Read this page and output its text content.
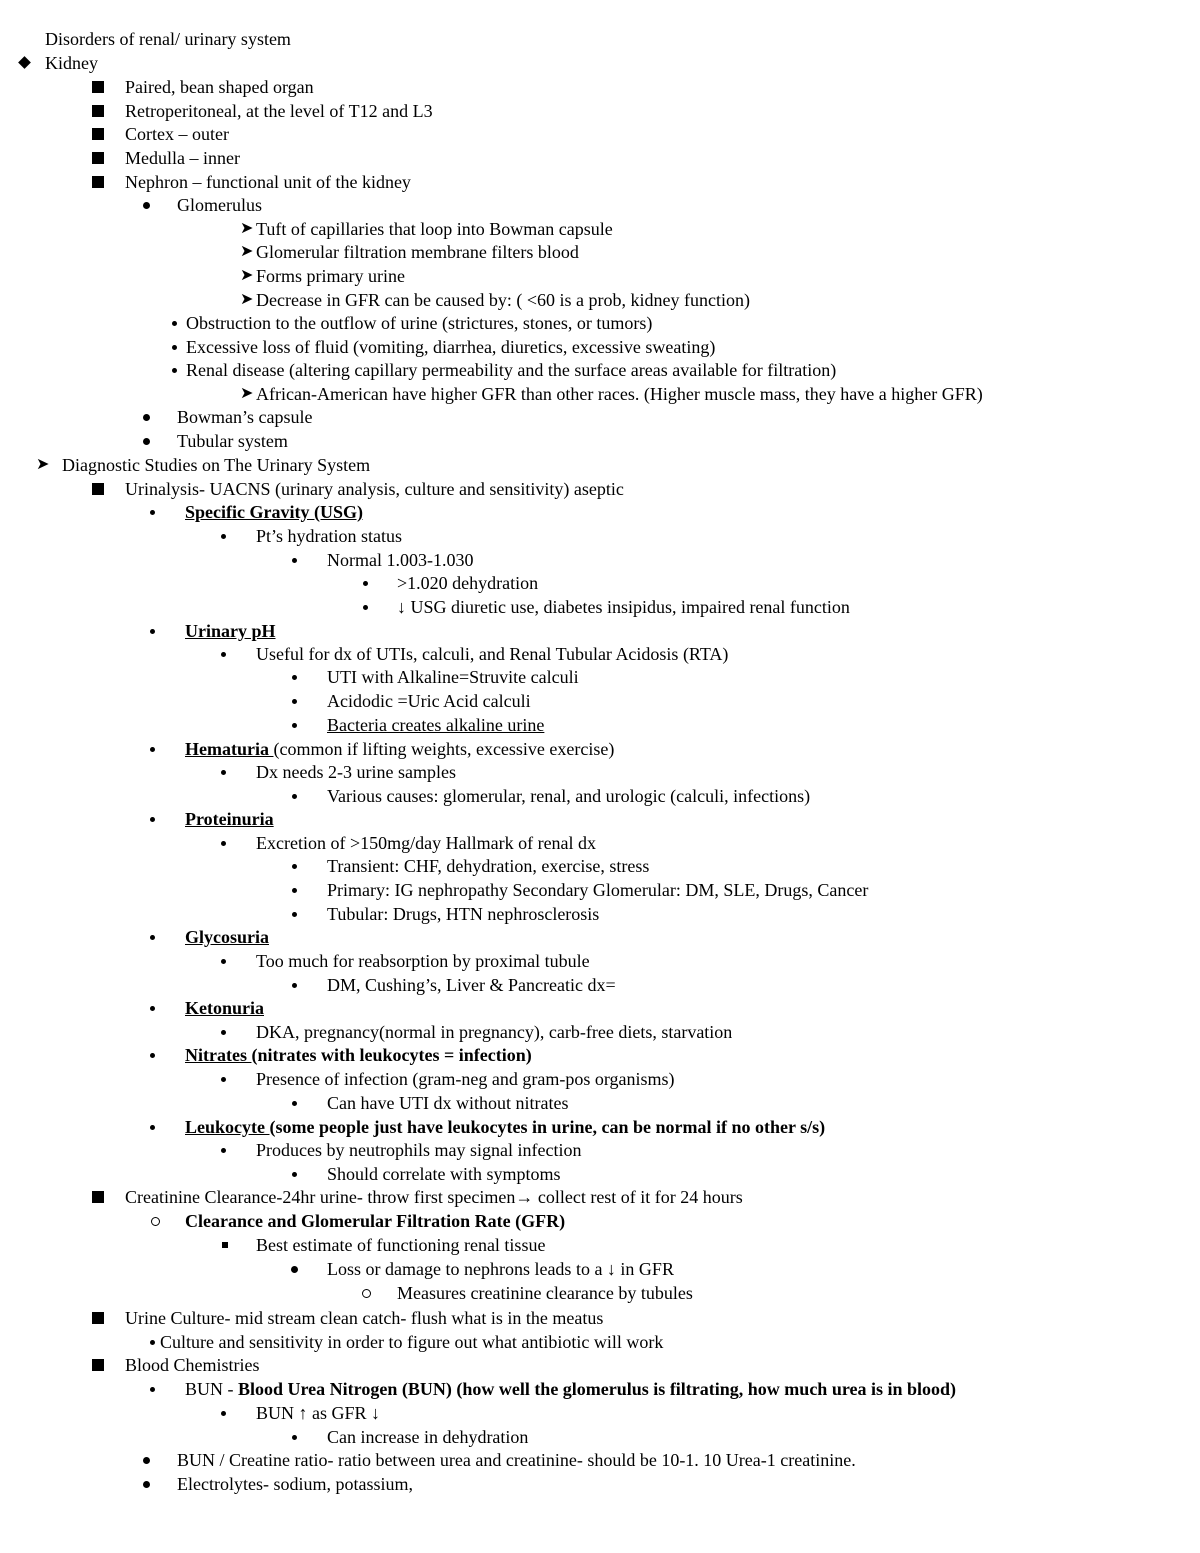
Disorders of renal/ urinary system
Kidney
Paired, bean shaped organ
Retroperitoneal, at the level of T12 and L3
Cortex – outer
Medulla – inner
Nephron – functional unit of the kidney
Glomerulus
➤ Tuft of capillaries that loop into Bowman capsule
➤ Glomerular filtration membrane filters blood
➤ Forms primary urine
➤ Decrease in GFR can be caused by: ( <60 is a prob, kidney function)
Obstruction to the outflow of urine (strictures, stones, or tumors)
Excessive loss of fluid (vomiting, diarrhea, diuretics, excessive sweating)
Renal disease (altering capillary permeability and the surface areas available for filtration)
➤ African-American have higher GFR than other races. (Higher muscle mass, they have a higher GFR)
Bowman’s capsule
Tubular system
➤ Diagnostic Studies on The Urinary System
Urinalysis- UACNS (urinary analysis, culture and sensitivity) aseptic
Specific Gravity (USG)
Pt’s hydration status
Normal 1.003-1.030
>1.020 dehydration
↓ USG diuretic use, diabetes insipidus, impaired renal function
Urinary pH
Useful for dx of UTIs, calculi, and Renal Tubular Acidosis (RTA)
UTI with Alkaline=Struvite calculi
Acidodic =Uric Acid calculi
Bacteria creates alkaline urine
Hematuria (common if lifting weights, excessive exercise)
Dx needs 2-3 urine samples
Various causes: glomerular, renal, and urologic (calculi, infections)
Proteinuria
Excretion of >150mg/day Hallmark of renal dx
Transient: CHF, dehydration, exercise, stress
Primary: IG nephropathy Secondary Glomerular: DM, SLE, Drugs, Cancer
Tubular: Drugs, HTN nephrosclerosis
Glycosuria
Too much for reabsorption by proximal tubule
DM, Cushing’s, Liver & Pancreatic dx=
Ketonuria
DKA, pregnancy(normal in pregnancy), carb-free diets, starvation
Nitrates (nitrates with leukocytes = infection)
Presence of infection (gram-neg and gram-pos organisms)
Can have UTI dx without nitrates
Leukocyte (some people just have leukocytes in urine, can be normal if no other s/s)
Produces by neutrophils may signal infection
Should correlate with symptoms
Creatinine Clearance-24hr urine- throw first specimen→ collect rest of it for 24 hours
Clearance and Glomerular Filtration Rate (GFR)
Best estimate of functioning renal tissue
Loss or damage to nephrons leads to a ↓ in GFR
Measures creatinine clearance by tubules
Urine Culture- mid stream clean catch- flush what is in the meatus
Culture and sensitivity in order to figure out what antibiotic will work
Blood Chemistries
BUN - Blood Urea Nitrogen (BUN) (how well the glomerulus is filtrating, how much urea is in blood)
BUN ↑ as GFR ↓
Can increase in dehydration
BUN / Creatine ratio- ratio between urea and creatinine- should be 10-1. 10 Urea-1 creatinine.
Electrolytes- sodium, potassium,
